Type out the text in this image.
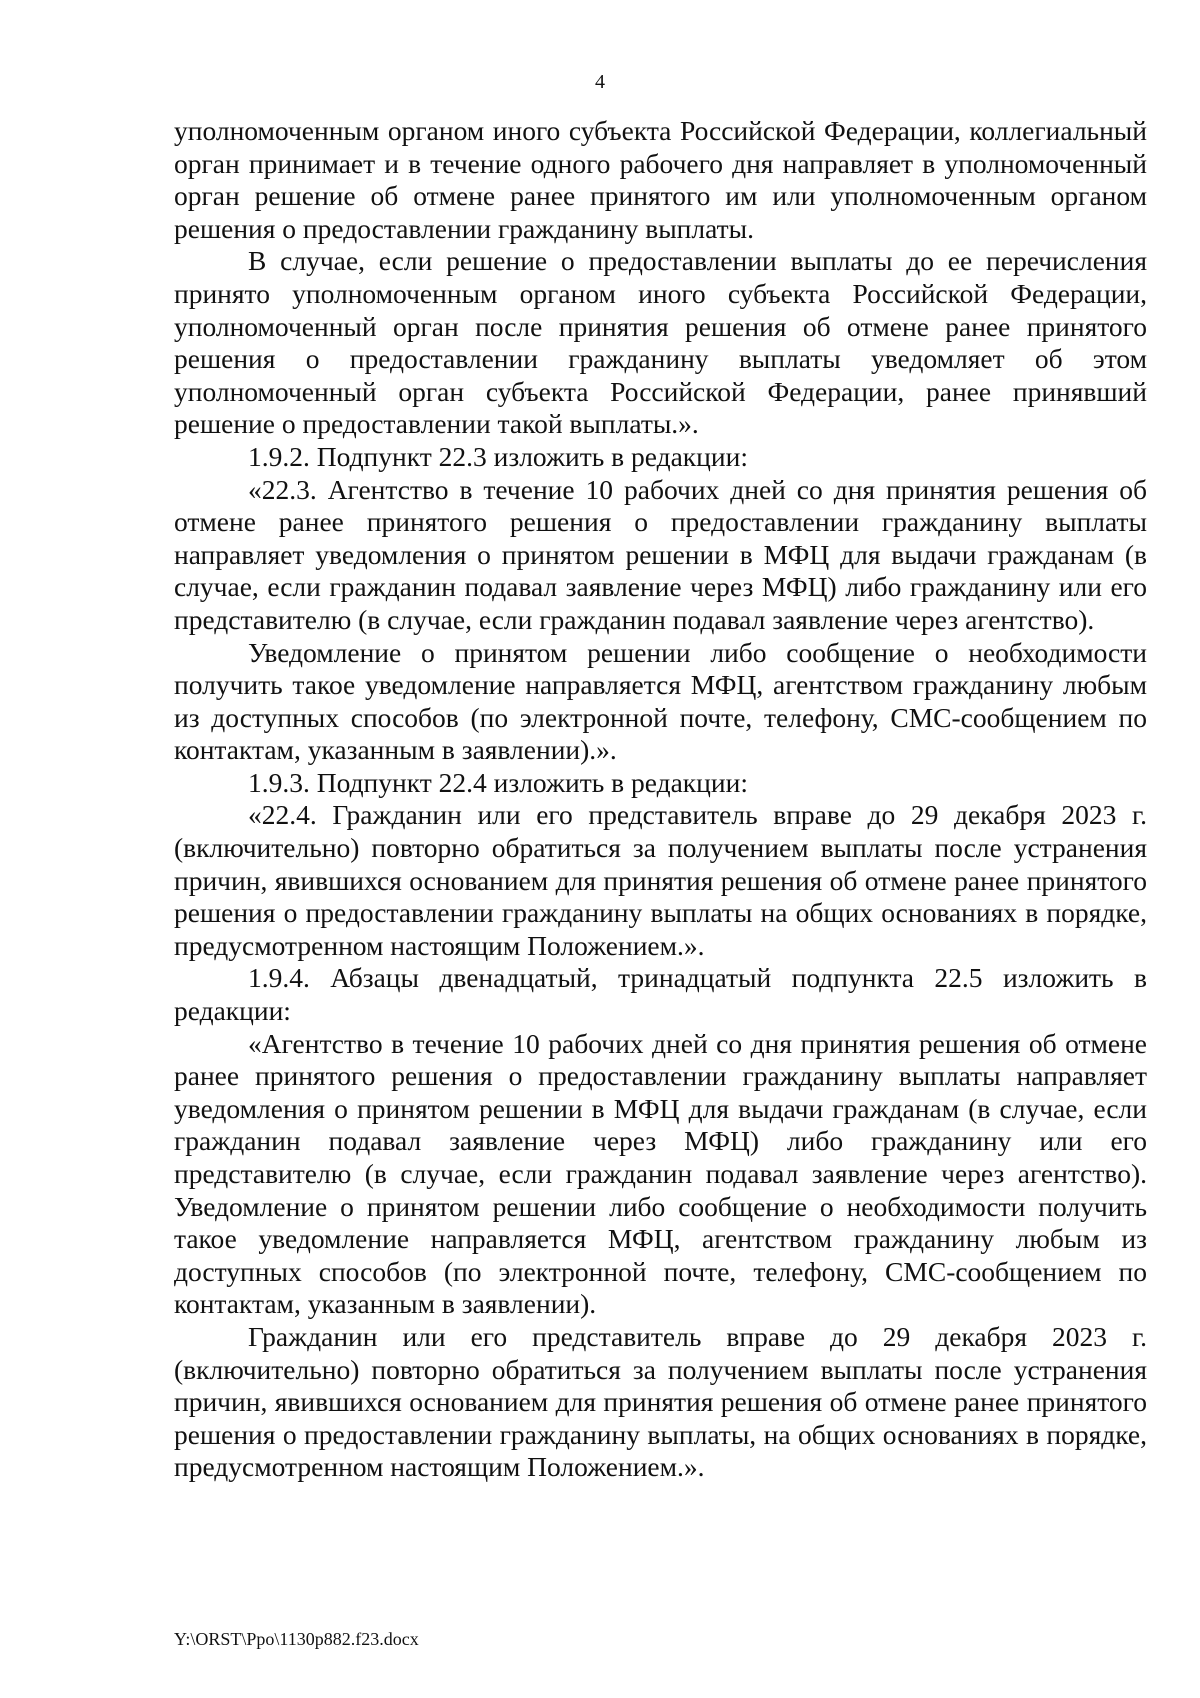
4

уполномоченным органом иного субъекта Российской Федерации, коллегиальный орган принимает и в течение одного рабочего дня направляет в уполномоченный орган решение об отмене ранее принятого им или уполномоченным органом решения о предоставлении гражданину выплаты.

В случае, если решение о предоставлении выплаты до ее перечисления принято уполномоченным органом иного субъекта Российской Федерации, уполномоченный орган после принятия решения об отмене ранее принятого решения о предоставлении гражданину выплаты уведомляет об этом уполномоченный орган субъекта Российской Федерации, ранее принявший решение о предоставлении такой выплаты.».

1.9.2. Подпункт 22.3 изложить в редакции:

«22.3. Агентство в течение 10 рабочих дней со дня принятия решения об отмене ранее принятого решения о предоставлении гражданину выплаты направляет уведомления о принятом решении в МФЦ для выдачи гражданам (в случае, если гражданин подавал заявление через МФЦ) либо гражданину или его представителю (в случае, если гражданин подавал заявление через агентство).

Уведомление о принятом решении либо сообщение о необходимости получить такое уведомление направляется МФЦ, агентством гражданину любым из доступных способов (по электронной почте, телефону, СМС-сообщением по контактам, указанным в заявлении).».

1.9.3. Подпункт 22.4 изложить в редакции:

«22.4. Гражданин или его представитель вправе до 29 декабря 2023 г. (включительно) повторно обратиться за получением выплаты после устранения причин, явившихся основанием для принятия решения об отмене ранее принятого решения о предоставлении гражданину выплаты на общих основаниях в порядке, предусмотренном настоящим Положением.».

1.9.4. Абзацы двенадцатый, тринадцатый подпункта 22.5 изложить в редакции:

«Агентство в течение 10 рабочих дней со дня принятия решения об отмене ранее принятого решения о предоставлении гражданину выплаты направляет уведомления о принятом решении в МФЦ для выдачи гражданам (в случае, если гражданин подавал заявление через МФЦ) либо гражданину или его представителю (в случае, если гражданин подавал заявление через агентство). Уведомление о принятом решении либо сообщение о необходимости получить такое уведомление направляется МФЦ, агентством гражданину любым из доступных способов (по электронной почте, телефону, СМС-сообщением по контактам, указанным в заявлении).

Гражданин или его представитель вправе до 29 декабря 2023 г. (включительно) повторно обратиться за получением выплаты после устранения причин, явившихся основанием для принятия решения об отмене ранее принятого решения о предоставлении гражданину выплаты, на общих основаниях в порядке, предусмотренном настоящим Положением.».

Y:\ORST\Ppo\1130p882.f23.docx
